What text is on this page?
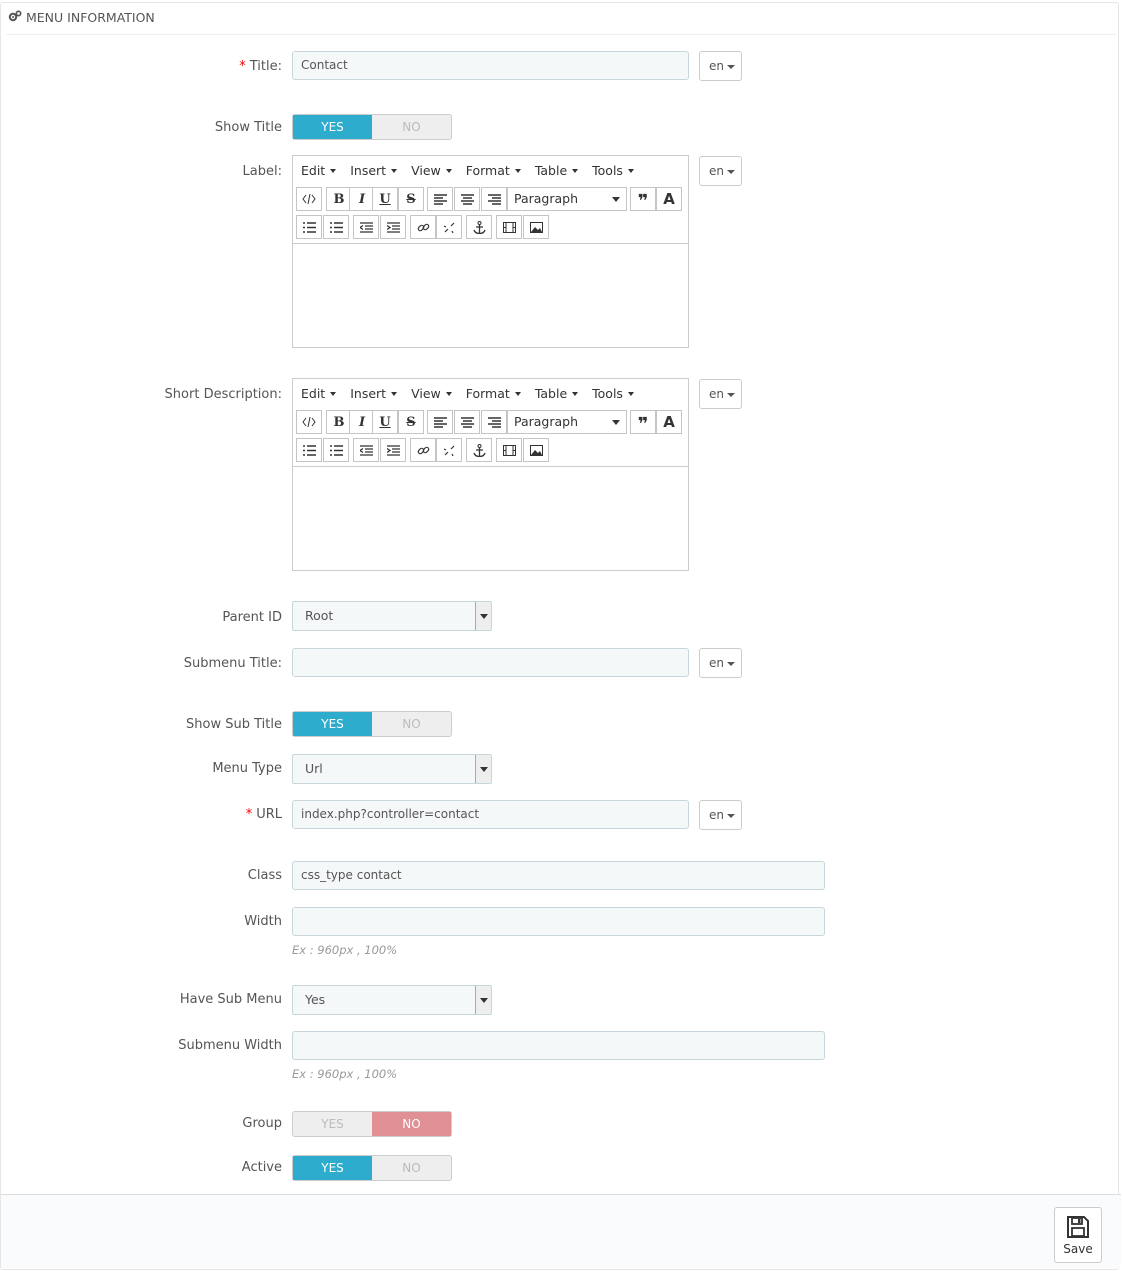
MENU INFORMATION
* Title:	Contact	en
Show Title	YES	NO
Label: Edit	Insert	View	Format	Table	Tools
B	I	U	S	Paragraph	❞ A
en
Short Description: Edit	Insert	View	Format	Table	Tools
B	I	U	S	Paragraph	❞ A
en
Parent ID	Root
Submenu Title:	en
Show Sub Title	YES	NO
Menu Type	Url
* URL	index.php?controller=contact	en
Class	css_type contact
Width
Ex : 960px , 100%
Have Sub Menu	Yes
Submenu Width
Ex : 960px , 100%
Group	YES	NO
Active	YES	NO
Save
